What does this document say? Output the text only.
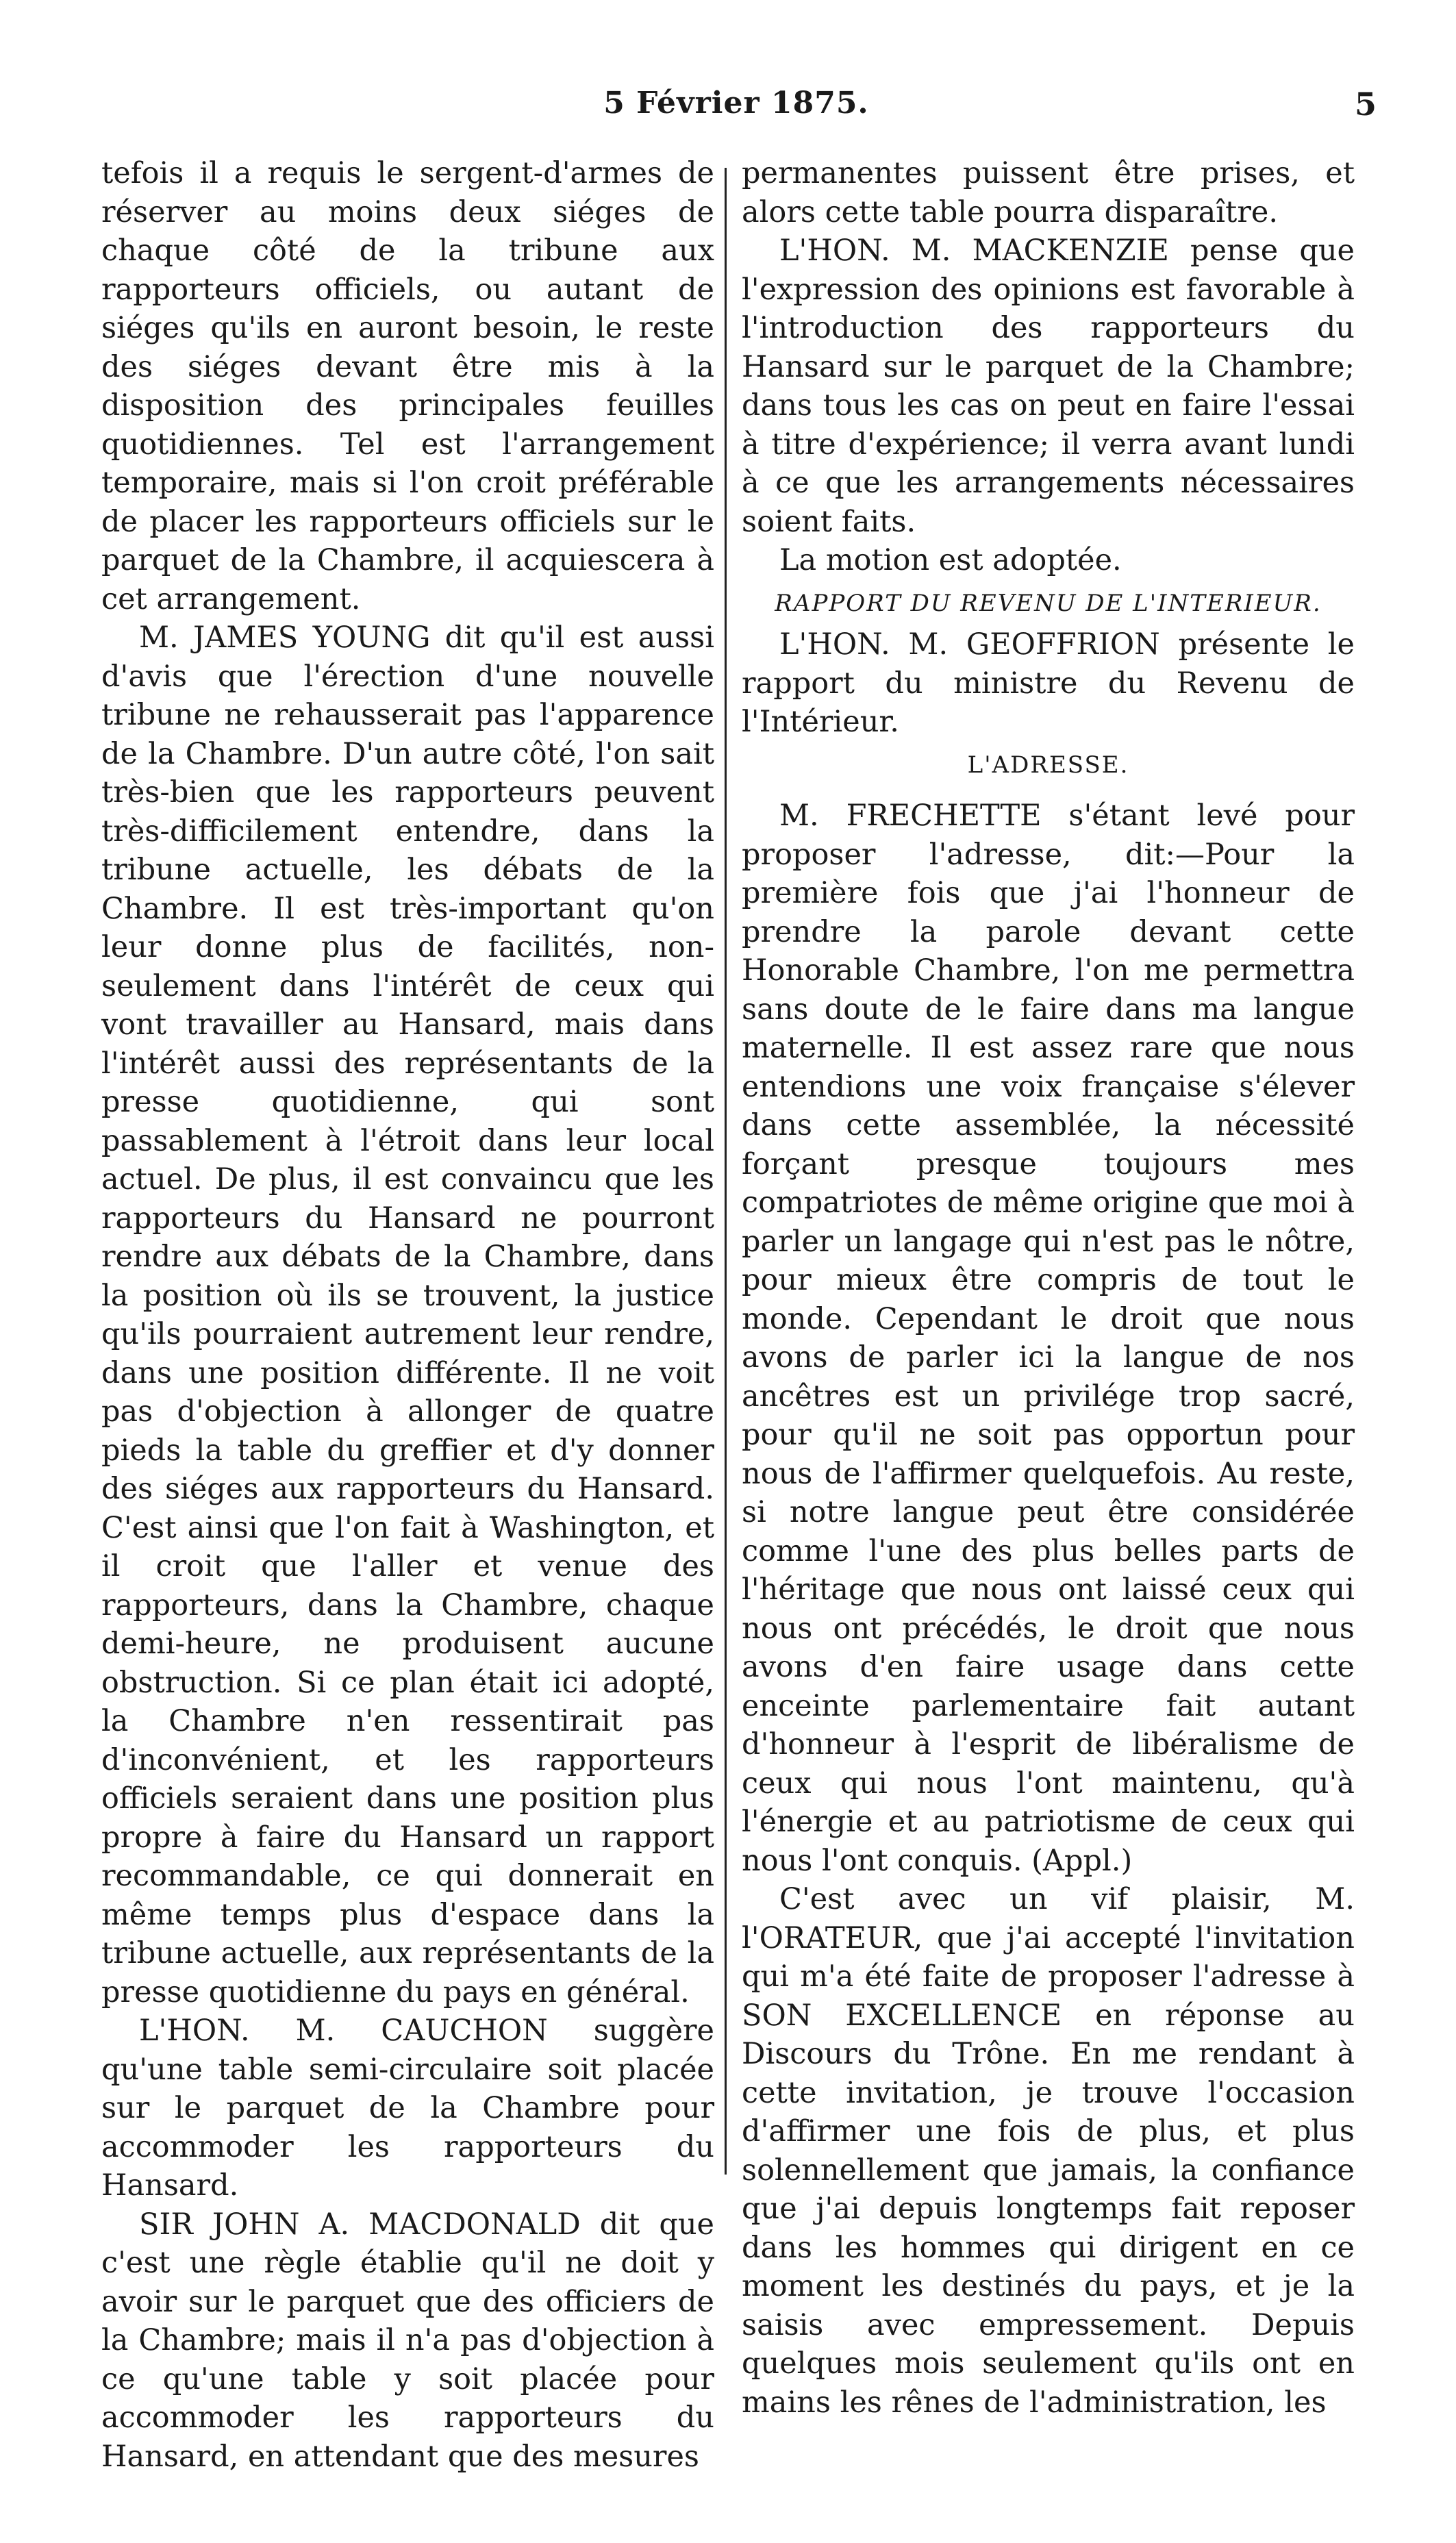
5 Février 1875.	5

tefois il a requis le sergent-d'armes de réserver au moins deux siéges de chaque côté de la tribune aux rapporteurs officiels, ou autant de siéges qu'ils en auront besoin, le reste des siéges devant être mis à la disposition des principales feuilles quotidiennes. Tel est l'arrangement temporaire, mais si l'on croit préférable de placer les rapporteurs officiels sur le parquet de la Chambre, il acquiescera à cet arrangement.

M. JAMES YOUNG dit qu'il est aussi d'avis que l'érection d'une nouvelle tribune ne rehausserait pas l'apparence de la Chambre. D'un autre côté, l'on sait très-bien que les rapporteurs peuvent très-difficilement entendre, dans la tribune actuelle, les débats de la Chambre. Il est très-important qu'on leur donne plus de facilités, non-seulement dans l'intérêt de ceux qui vont travailler au Hansard, mais dans l'intérêt aussi des représentants de la presse quotidienne, qui sont passablement à l'étroit dans leur local actuel. De plus, il est convaincu que les rapporteurs du Hansard ne pourront rendre aux débats de la Chambre, dans la position où ils se trouvent, la justice qu'ils pourraient autrement leur rendre, dans une position différente. Il ne voit pas d'objection à allonger de quatre pieds la table du greffier et d'y donner des siéges aux rapporteurs du Hansard. C'est ainsi que l'on fait à Washington, et il croit que l'aller et venue des rapporteurs, dans la Chambre, chaque demi-heure, ne produisent aucune obstruction. Si ce plan était ici adopté, la Chambre n'en ressentirait pas d'inconvénient, et les rapporteurs officiels seraient dans une position plus propre à faire du Hansard un rapport recommandable, ce qui donnerait en même temps plus d'espace dans la tribune actuelle, aux représentants de la presse quotidienne du pays en général.

L'HON. M. CAUCHON suggère qu'une table semi-circulaire soit placée sur le parquet de la Chambre pour accommoder les rapporteurs du Hansard.

SIR JOHN A. MACDONALD dit que c'est une règle établie qu'il ne doit y avoir sur le parquet que des officiers de la Chambre; mais il n'a pas d'objection à ce qu'une table y soit placée pour accommoder les rapporteurs du Hansard, en attendant que des mesures

permanentes puissent être prises, et alors cette table pourra disparaître.

L'HON. M. MACKENZIE pense que l'expression des opinions est favorable à l'introduction des rapporteurs du Hansard sur le parquet de la Chambre; dans tous les cas on peut en faire l'essai à titre d'expérience; il verra avant lundi à ce que les arrangements nécessaires soient faits.

La motion est adoptée.

RAPPORT DU REVENU DE L'INTERIEUR.

L'HON. M. GEOFFRION présente le rapport du ministre du Revenu de l'Intérieur.

L'ADRESSE.

M. FRECHETTE s'étant levé pour proposer l'adresse, dit:—Pour la première fois que j'ai l'honneur de prendre la parole devant cette Honorable Chambre, l'on me permettra sans doute de le faire dans ma langue maternelle. Il est assez rare que nous entendions une voix française s'élever dans cette assemblée, la nécessité forçant presque toujours mes compatriotes de même origine que moi à parler un langage qui n'est pas le nôtre, pour mieux être compris de tout le monde. Cependant le droit que nous avons de parler ici la langue de nos ancêtres est un privilége trop sacré, pour qu'il ne soit pas opportun pour nous de l'affirmer quelquefois. Au reste, si notre langue peut être considérée comme l'une des plus belles parts de l'héritage que nous ont laissé ceux qui nous ont précédés, le droit que nous avons d'en faire usage dans cette enceinte parlementaire fait autant d'honneur à l'esprit de libéralisme de ceux qui nous l'ont maintenu, qu'à l'énergie et au patriotisme de ceux qui nous l'ont conquis. (Appl.)

C'est avec un vif plaisir, M. l'ORATEUR, que j'ai accepté l'invitation qui m'a été faite de proposer l'adresse à SON EXCELLENCE en réponse au Discours du Trône. En me rendant à cette invitation, je trouve l'occasion d'affirmer une fois de plus, et plus solennellement que jamais, la confiance que j'ai depuis longtemps fait reposer dans les hommes qui dirigent en ce moment les destinés du pays, et je la saisis avec empressement. Depuis quelques mois seulement qu'ils ont en mains les rênes de l'administration, les
